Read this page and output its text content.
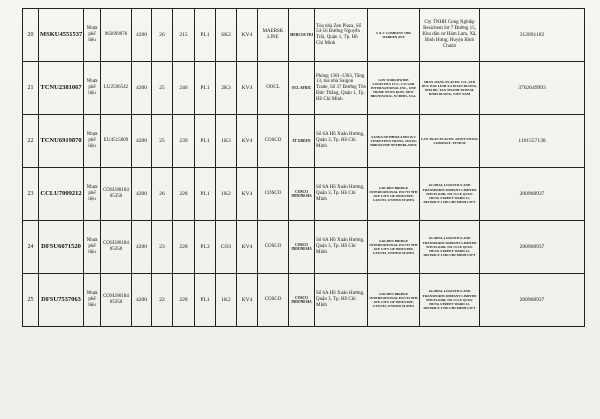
·
·
·
20	MSKU4551537	Nhựa phế liệu	963699076	4200	26	215	PL1	SK2	KV4	MAERSK LINE	MERCOS TRI	Tòa nhà Zen Plaza, Số 54-56 Đường Nguyễn Trãi, Quận 1, Tp. Hồ Chí Minh	S & C COMPANY 1960 WARDEN AVE	Cty TNHH Cung Nghiệp Resichem Sơ 7 Đường 15, Khu dân cư Hàm Lam, Xã, Bình Hưng, Huyện Bình Chánh	312891182
21	TCNU2381067	Nhựa phế liệu	LU2596542	4200	25	246	PL1	2K3	KV4	OOCL	OCL AFRIC	Phòng 1301-1303, Tầng 13, tòa nhà Saigon Trade, Số 37 Đường Tôn Đức Thắng, Quận 1, Tp. Hồ Chí Minh	GSN WORLDWIDE LOGISTICS LLC, C/O GSR INTERNATIONAL INC., ONE HOME NEWS ROW, NEW BRUNSWICK, NJ 08901, USA.	SHAN JIANG PLASTIC CO., LTD DUC DAT LINH XA DOAN DUONG, NHA BE, TAN THANH TP HCM, DINH DUONG, VIET NAM	3702649993
22	TCNU6919870	Nhựa phế liệu	EU4515809	4200	25	239	PL1	1K3	KV4	COSCO	ST GREEN	Số 6A Hồ Xuân Hương, Quận 3, Tp. Hồ Chí Minh	SANDA NETHERLANDS B.V VINKEVEEN TRANS, 3321ZG BREDA THE NETHERLANDS	LAN TRAN PLASTIC JOINT STOCK COMPANY, TP HCM	1101557138
23	CCLU7009212	Nhựa phế liệu	COSU80184 05350	4200	26	228	PL1	1K2	KV4	COSCO	COSCO INDONESIA	Số 6A Hồ Xuân Hương, Quận 3, Tp. Hồ Chí Minh	GOLDEN BRIDGE INTERNATIONAL INC715 9TH AVE CITY OF INDUSTRY, CA91745, UNITED STATES	GLOBAL LOGISTICS AND TRANSPORTCOMPANY LIMITED 5TH FLOOR, NO 13 LE QUOC HUNG STREET WARD 12, DISTRICT 4 HO CHI MINH CITY	200968937
24	DFSU6071520	Nhựa phế liệu	COSU80184 05350	4200	23	228	PL3	CO3	KV4	COSCO	COSCO INDONESIA	Số 6A Hồ Xuân Hương, Quận 3, Tp. Hồ Chí Minh	GOLDEN BRIDGE INTERNATIONAL INC715 9TH AVE CITY OF INDUSTRY, CA91745, UNITED STATES	GLOBAL LOGISTICS AND TRANSPORTCOMPANY LIMITED 5TH FLOOR, NO 13 LE QUOC HUNG STREET WARD 12, DISTRICT 4 HO CHI MINH CITY	200968937
25	DFSU7537063	Nhựa phế liệu	COSU80184 05350	4200	22	228	PL1	1K2	KV4	COSCO	COSCO INDONESIA	Số 6A Hồ Xuân Hương, Quận 3, Tp. Hồ Chí Minh	GOLDEN BRIDGE INTERNATIONAL INC715 9TH AVE CITY OF INDUSTRY, CA91745, UNITED STATES	GLOBAL LOGISTICS AND TRANSPORTCOMPANY LIMITED 5TH FLOOR, NO 13 LE QUOC HUNG STREET WARD 12, DISTRICT 4 HO CHI MINH CITY	200968937
